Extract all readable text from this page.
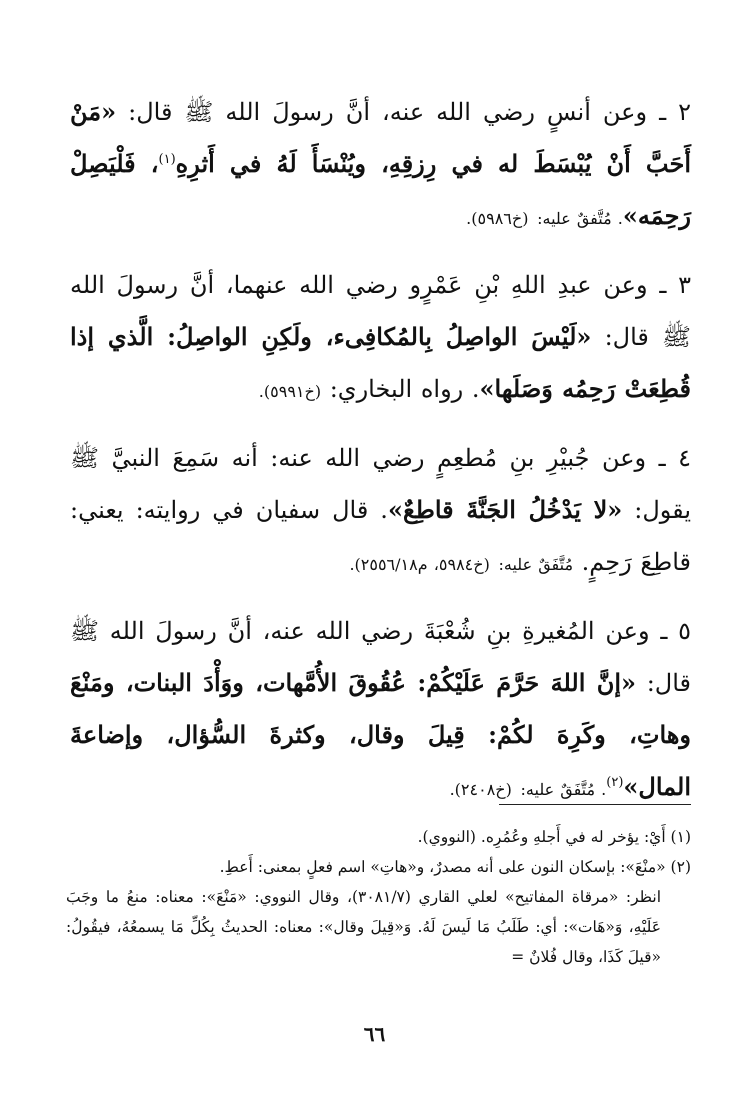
٢ ـ وعن أنسٍ رضي الله عنه، أنَّ رسولَ الله ﷺ قال: «مَنْ أَحَبَّ أَنْ يُبْسَطَ له في رِزقِهِ، ويُنْسَأَ لَهُ في أَثرِهِ$^{(١)}$، فَلْيَصِلْ رَحِمَه». مُتَّفقٌ عليه: (خ٥٩٨٦).

٣ ـ وعن عبدِ اللهِ بْنِ عَمْرٍو رضي الله عنهما، أنَّ رسولَ الله ﷺ قال: «لَيْسَ الواصِلُ بِالمُكافِىء، ولَكِنِ الواصِلُ: الَّذي إذا قُطِعَتْ رَحِمُه وَصَلَها». رواه البخاري: (خ٥٩٩١).

٤ ـ وعن جُبيْرِ بنِ مُطعِمٍ رضي الله عنه: أنه سَمِعَ النبيَّ ﷺ يقول: «لا يَدْخُلُ الجَنَّةَ قاطِعٌ». قال سفيان في روايته: يعني: قاطِعَ رَحِمٍ. مُتَّفَقٌ عليه: (خ٥٩٨٤، م٢٥٥٦/١٨).

٥ ـ وعن المُغيرةِ بنِ شُعْبَةَ رضي الله عنه، أنَّ رسولَ الله ﷺ قال: «إنَّ اللهَ حَرَّمَ عَلَيْكُمْ: عُقُوقَ الأُمَّهات، ووَأْدَ البنات، ومَنْعَ وهاتِ، وكَرِهَ لكُمْ: قِيلَ وقال، وكثرةَ السُّؤال، وإضاعةَ المال»$^{(٢)}$. مُتَّفَقٌ عليه: (خ٢٤٠٨).

(١) أَيْ: يؤخر له في أَجلهِ وعُمُرِه. (النووي).

(٢) «منْعَ»: بإسكان النون على أنه مصدرٌ، و«هاتِ» اسم فعلٍ بمعنى: أَعطِ.

انظر: «مرقاة المفاتيح» لعلي القاري (٣٠٨١/٧)، وقال النووي: «مَنْعَ»: معناه: منعُ ما وجَبَ عَلَيْهِ، وَ«هَات»: أي: طَلَبُ مَا لَيسَ لَهُ. وَ«قِيلَ وقال»: معناه: الحديثُ بِكُلِّ مَا يسمعُهُ، فيقُولُ: «قيلَ كَذَا، وقال فُلانٌ =

٦٦
